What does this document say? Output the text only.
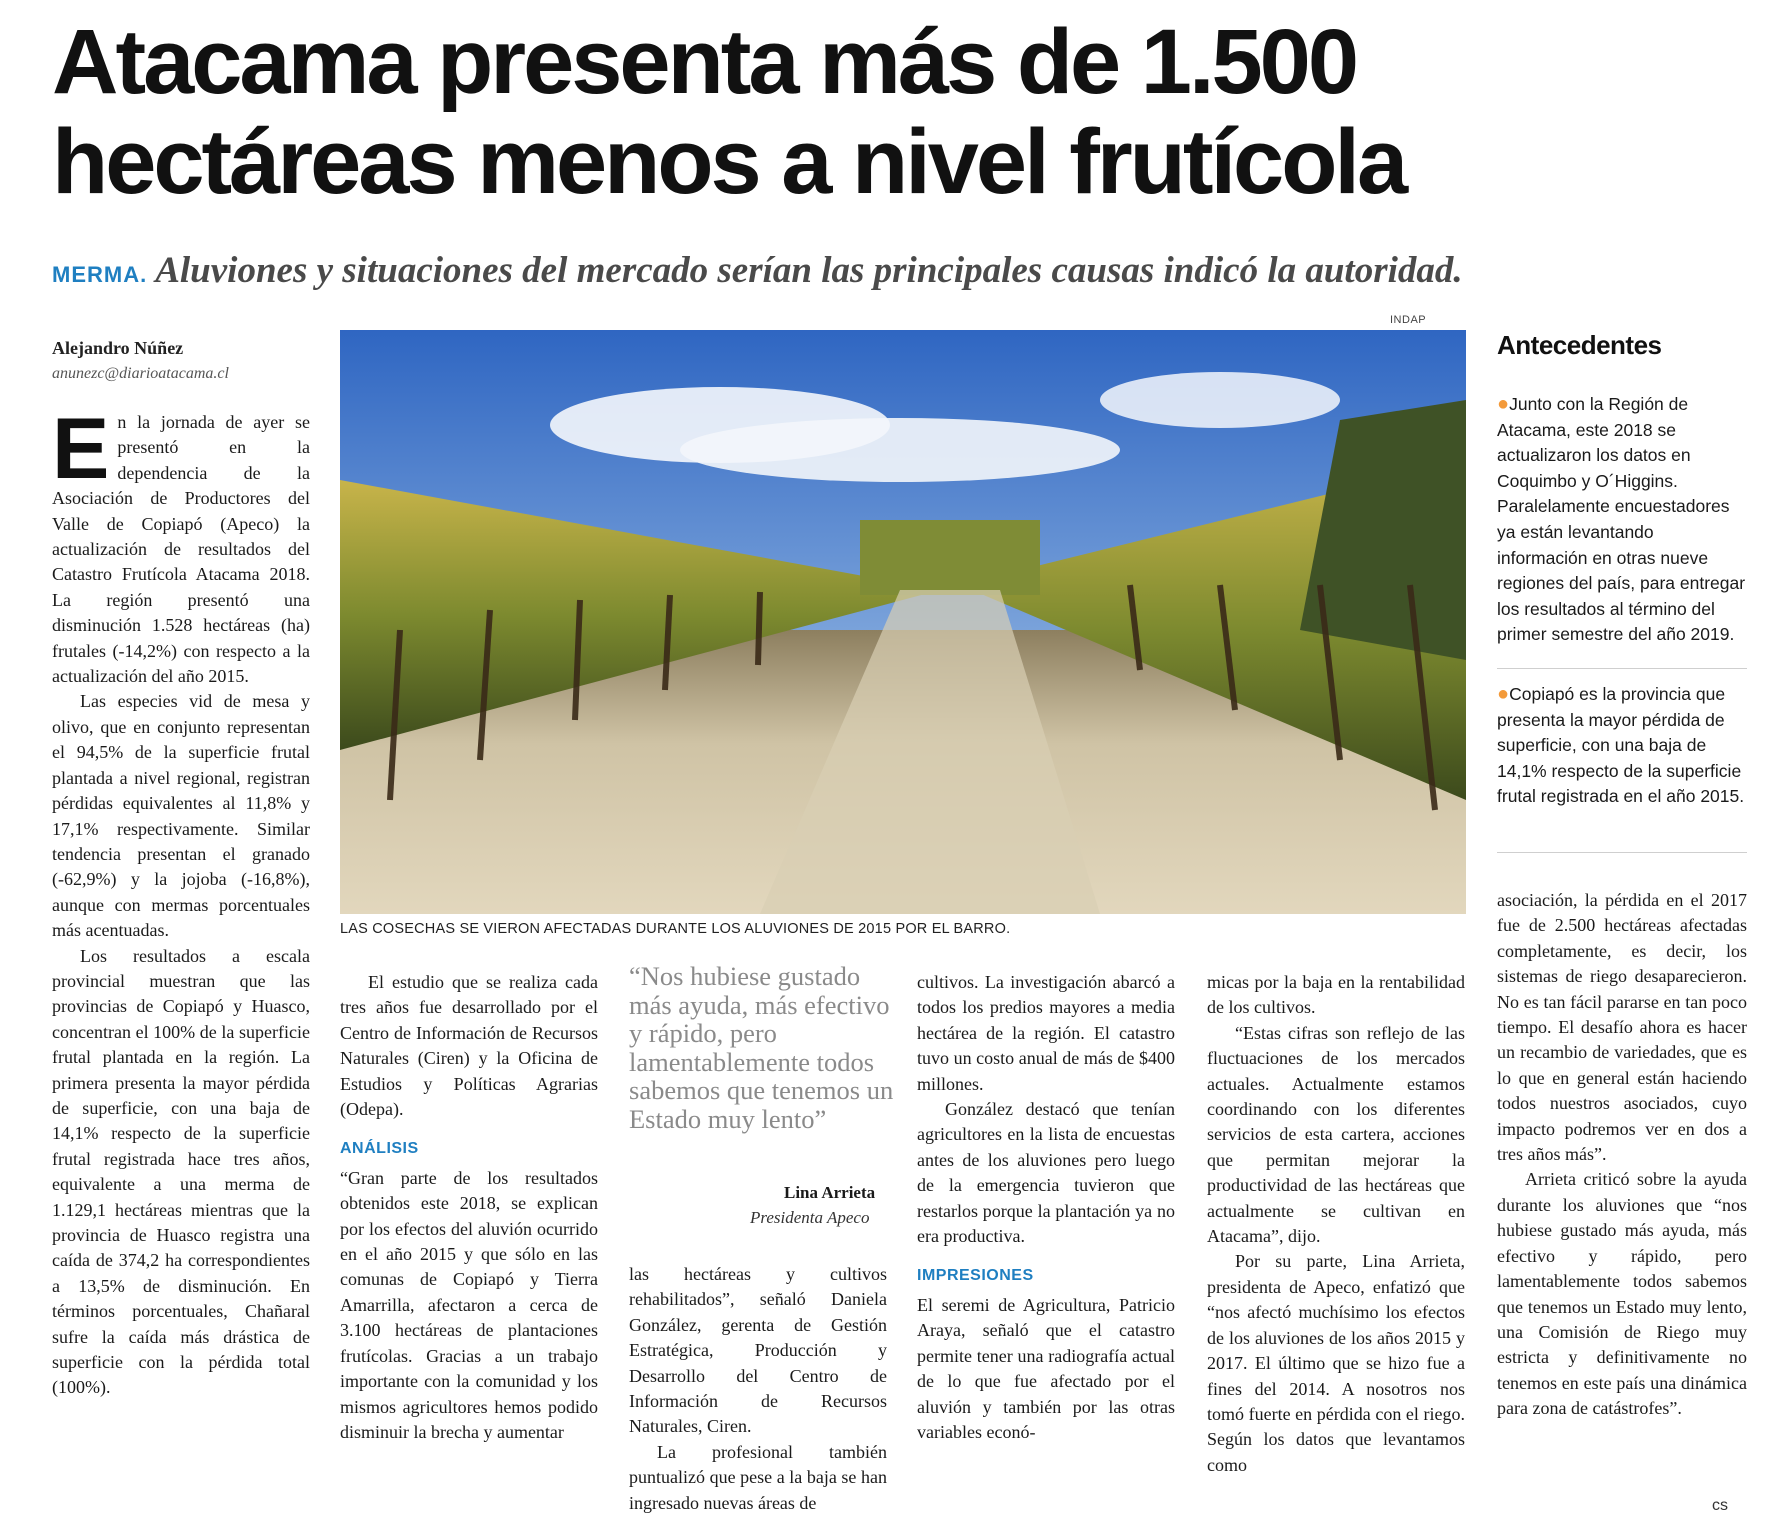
Atacama presenta más de 1.500
hectáreas menos a nivel frutícola
MERMA. Aluviones y situaciones del mercado serían las principales causas indicó la autoridad.
Alejandro Núñez
anunezc@diarioatacama.cl

En la jornada de ayer se presentó en la dependencia de la Asociación de Productores del Valle de Copiapó (Apeco) la actualización de resultados del Catastro Frutícola Atacama 2018. La región presentó una disminución 1.528 hectáreas (ha) frutales (-14,2%) con respecto a la actualización del año 2015.

Las especies vid de mesa y olivo, que en conjunto representan el 94,5% de la superficie frutal plantada a nivel regional, registran pérdidas equivalentes al 11,8% y 17,1% respectivamente. Similar tendencia presentan el granado (-62,9%) y la jojoba (-16,8%), aunque con mermas porcentuales más acentuadas.

Los resultados a escala provincial muestran que las provincias de Copiapó y Huasco, concentran el 100% de la superficie frutal plantada en la región. La primera presenta la mayor pérdida de superficie, con una baja de 14,1% respecto de la superficie frutal registrada hace tres años, equivalente a una merma de 1.129,1 hectáreas mientras que la provincia de Huasco registra una caída de 374,2 ha correspondientes a 13,5% de disminución. En términos porcentuales, Chañaral sufre la caída más drástica de superficie con la pérdida total (100%).

INDAP
LAS COSECHAS SE VIERON AFECTADAS DURANTE LOS ALUVIONES DE 2015 POR EL BARRO.
Antecedentes
●Junto con la Región de Atacama, este 2018 se actualizaron los datos en Coquimbo y O´Higgins. Paralelamente encuestadores ya están levantando información en otras nueve regiones del país, para entregar los resultados al término del primer semestre del año 2019.
●Copiapó es la provincia que presenta la mayor pérdida de superficie, con una baja de 14,1% respecto de la superficie frutal registrada en el año 2015.

El estudio que se realiza cada tres años fue desarrollado por el Centro de Información de Recursos Naturales (Ciren) y la Oficina de Estudios y Políticas Agrarias (Odepa).

ANÁLISIS

“Gran parte de los resultados obtenidos este 2018, se explican por los efectos del aluvión ocurrido en el año 2015 y que sólo en las comunas de Copiapó y Tierra Amarrilla, afectaron a cerca de 3.100 hectáreas de plantaciones frutícolas. Gracias a un trabajo importante con la comunidad y los mismos agricultores hemos podido disminuir la brecha y aumentar

“Nos hubiese gustado más ayuda, más efectivo y rápido, pero lamentablemente todos sabemos que tenemos un Estado muy lento”
Lina Arrieta
Presidenta Apeco

las hectáreas y cultivos rehabilitados”, señaló Daniela González, gerenta de Gestión Estratégica, Producción y Desarrollo del Centro de Información de Recursos Naturales, Ciren.

La profesional también puntualizó que pese a la baja se han ingresado nuevas áreas de

cultivos. La investigación abarcó a todos los predios mayores a media hectárea de la región. El catastro tuvo un costo anual de más de $400 millones.

González destacó que tenían agricultores en la lista de encuestas antes de los aluviones pero luego de la emergencia tuvieron que restarlos porque la plantación ya no era productiva.

IMPRESIONES

El seremi de Agricultura, Patricio Araya, señaló que el catastro permite tener una radiografía actual de lo que fue afectado por el aluvión y también por las otras variables econó-

micas por la baja en la rentabilidad de los cultivos.

“Estas cifras son reflejo de las fluctuaciones de los mercados actuales. Actualmente estamos coordinando con los diferentes servicios de esta cartera, acciones que permitan mejorar la productividad de las hectáreas que actualmente se cultivan en Atacama”, dijo.

Por su parte, Lina Arrieta, presidenta de Apeco, enfatizó que “nos afectó muchísimo los efectos de los aluviones de los años 2015 y 2017. El último que se hizo fue a fines del 2014. A nosotros nos tomó fuerte en pérdida con el riego. Según los datos que levantamos como

asociación, la pérdida en el 2017 fue de 2.500 hectáreas afectadas completamente, es decir, los sistemas de riego desaparecieron. No es tan fácil pararse en tan poco tiempo. El desafío ahora es hacer un recambio de variedades, que es lo que en general están haciendo todos nuestros asociados, cuyo impacto podremos ver en dos a tres años más”.

Arrieta criticó sobre la ayuda durante los aluviones que “nos hubiese gustado más ayuda, más efectivo y rápido, pero lamentablemente todos sabemos que tenemos un Estado muy lento, una Comisión de Riego muy estricta y definitivamente no tenemos en este país una dinámica para zona de catástrofes”.

cs
